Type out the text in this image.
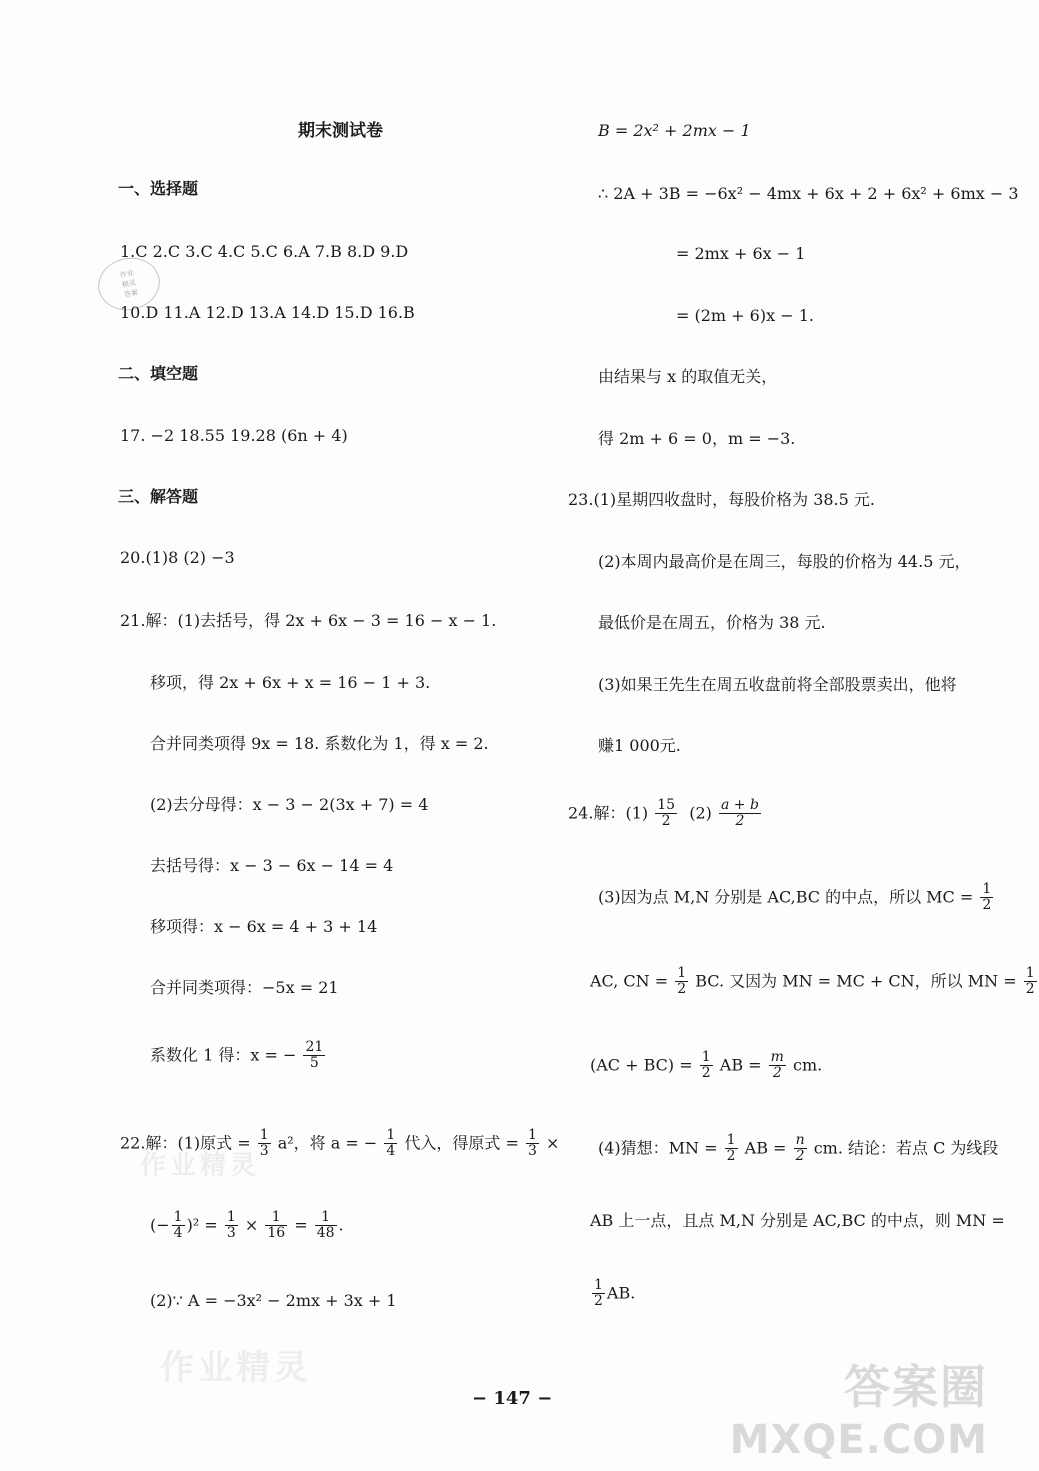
期末测试卷
一、选择题
1.C 2.C 3.C 4.C 5.C 6.A 7.B 8.D 9.D
作业
精灵
答案
10.D 11.A 12.D 13.A 14.D 15.D 16.B
二、填空题
17. −2 18.55 19.28 (6n + 4)
三、解答题
20.(1)8 (2) −3
21.解：(1)去括号，得 2x + 6x − 3 = 16 − x − 1.
移项，得 2x + 6x + x = 16 − 1 + 3.
合并同类项得 9x = 18. 系数化为 1，得 x = 2.
(2)去分母得：x − 3 − 2(3x + 7) = 4
去括号得：x − 3 − 6x − 14 = 4
移项得：x − 6x = 4 + 3 + 14
合并同类项得：−5x = 21
系数化 1 得：x = − $\frac{21}{5}$
22.解：(1)原式 = $\frac{1}{3} a^2$，将 a = − $\frac{1}{4}$ 代入，得原式 = $\frac{1}{3}$ ×
(− $\frac{1}{4} )^2 = \frac{1}{3} \times \frac{1}{16} = \frac{1}{48}$ .
(2)∵ A = −3x² − 2mx + 3x + 1
作业精灵
作业精灵
B = 2x² + 2mx − 1
∴ 2A + 3B = −6x² − 4mx + 6x + 2 + 6x² + 6mx − 3
= 2mx + 6x − 1
= (2m + 6)x − 1.
由结果与 x 的取值无关，
得 2m + 6 = 0，m = −3.
23.(1)星期四收盘时，每股价格为 38.5 元.
(2)本周内最高价是在周三，每股的价格为 44.5 元，
最低价是在周五，价格为 38 元.
(3)如果王先生在周五收盘前将全部股票卖出，他将
赚1 000元.
24.解：$(1) \frac{15}{2} (2) \frac{a + b}{2}$
(3)因为点 M,N 分别是 AC,BC 的中点，所以 MC = $\frac{1}{2}$
AC, CN = $\frac{1}{2}$ BC. 又因为 MN = MC + CN，所以 MN = $\frac{1}{2}$
$(AC + BC) = \frac{1}{2}$ AB = $\frac{m}{2}$ cm.
(4)猜想：MN = $\frac{1}{2}$ AB = $\frac{n}{2}$ cm. 结论：若点 C 为线段
AB 上一点，且点 M,N 分别是 AC,BC 的中点，则 MN =
$\frac{1}{2}$ AB.
− 147 −	答案圈
MXQE.COM
